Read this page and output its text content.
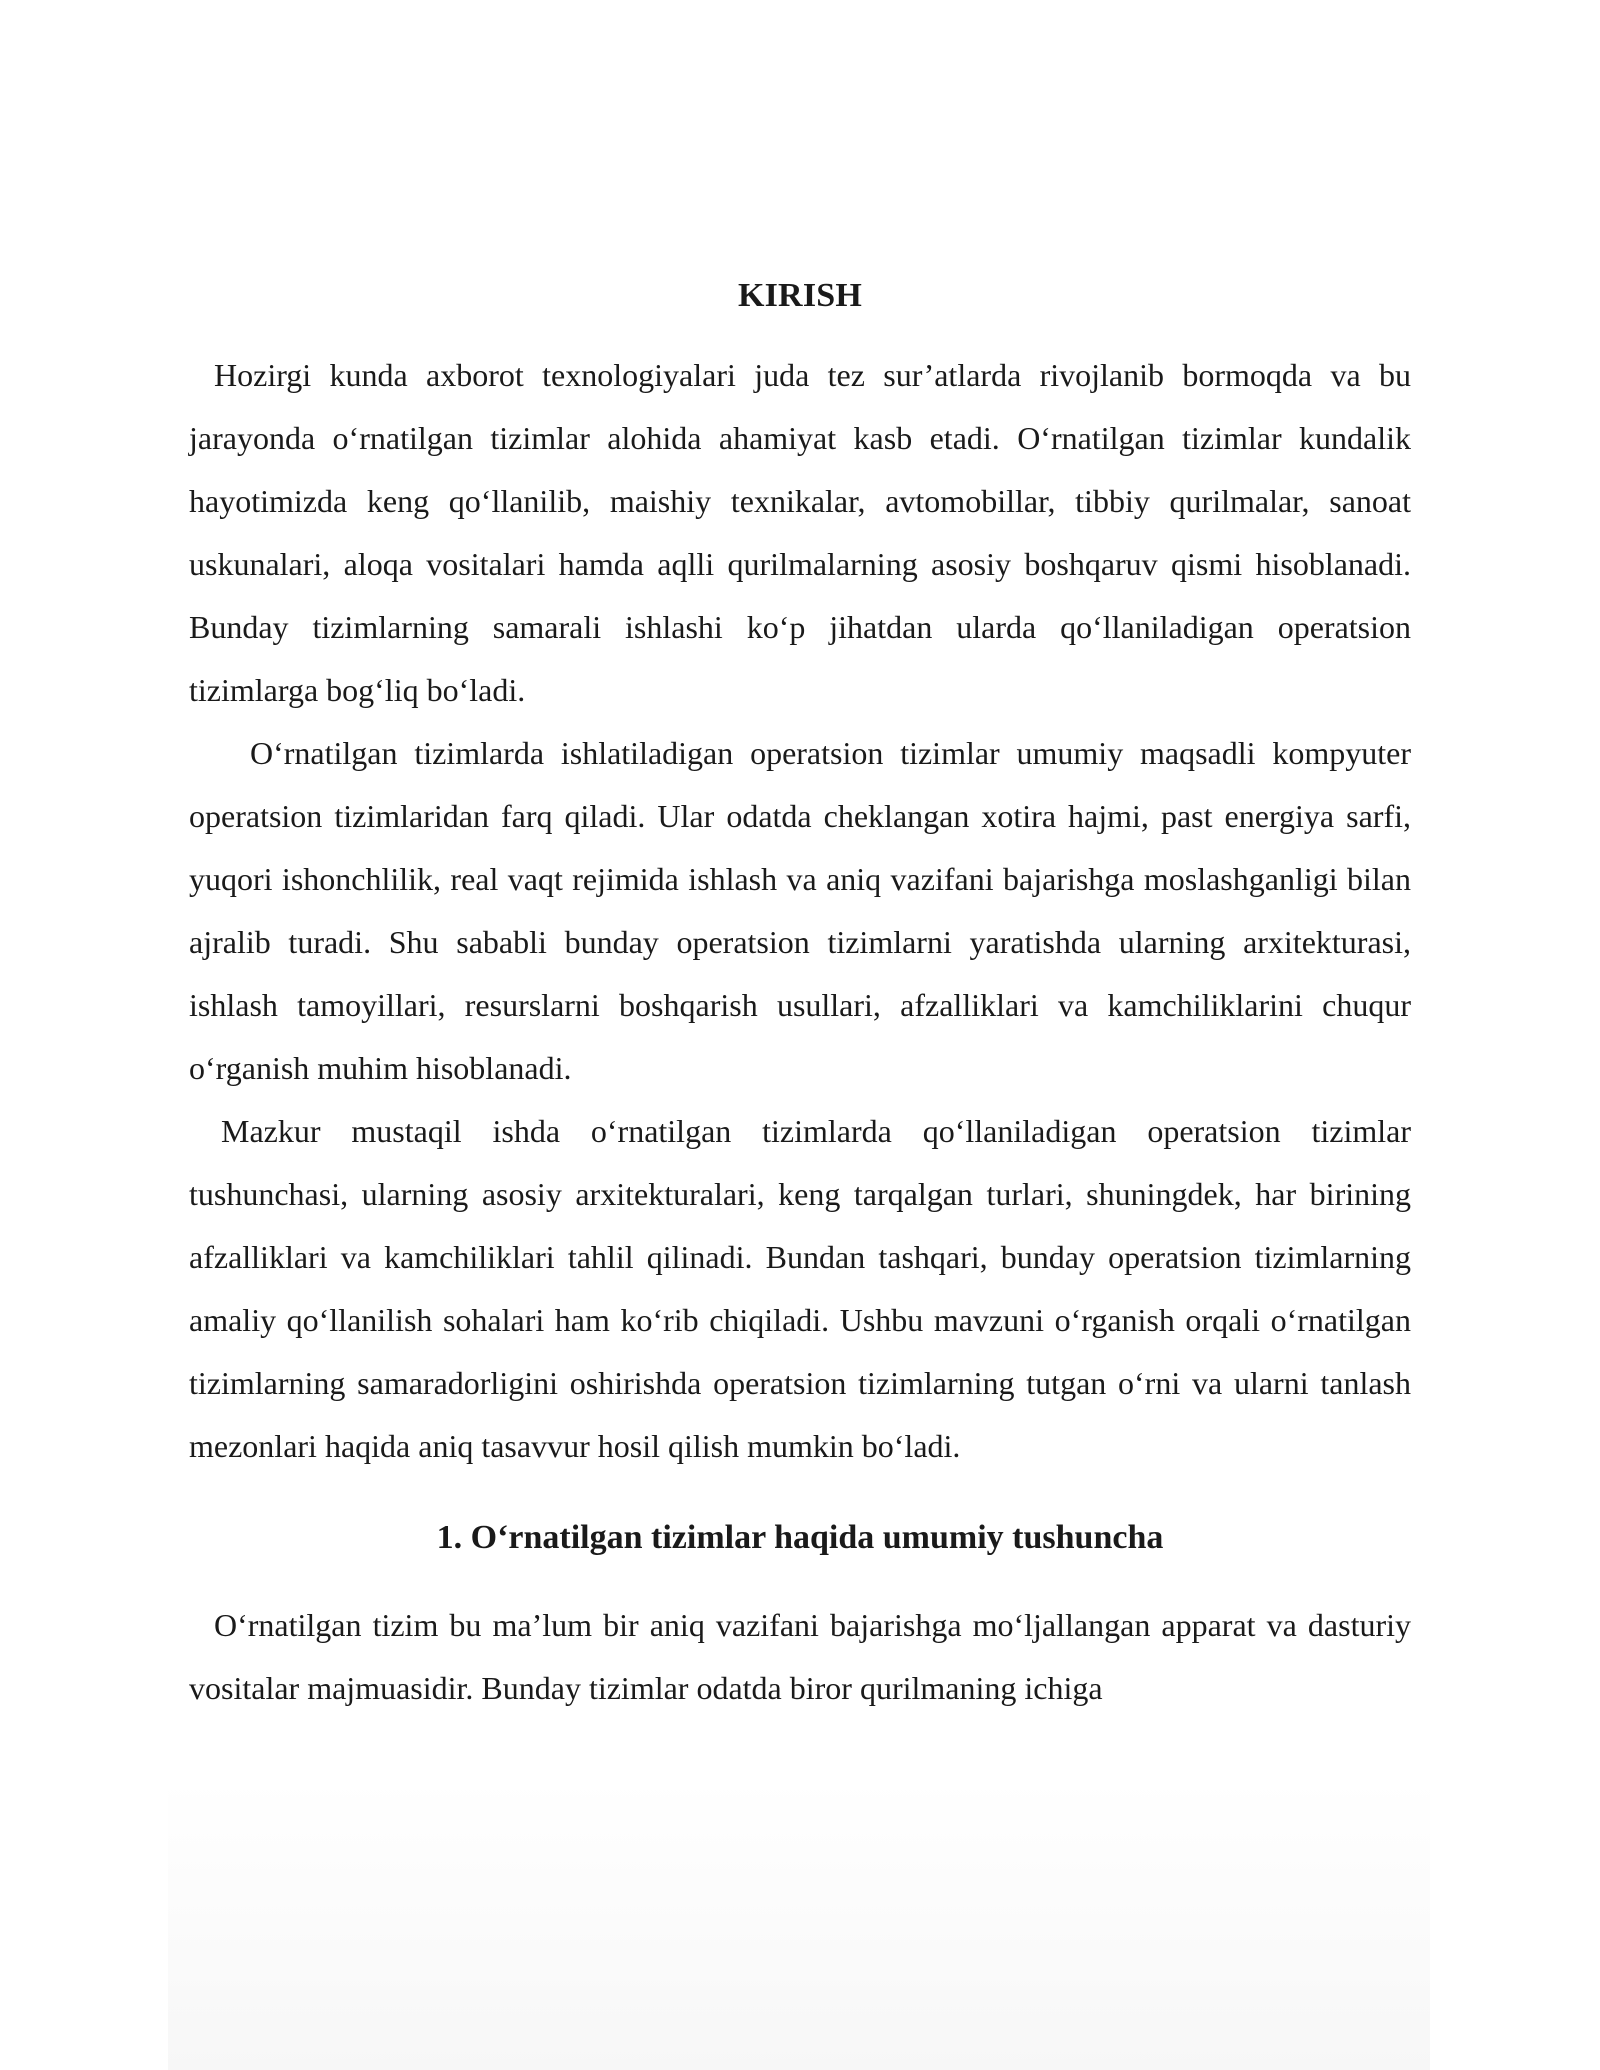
KIRISH

Hozirgi kunda axborot texnologiyalari juda tez sur’atlarda rivojlanib bormoqda va bu jarayonda o‘rnatilgan tizimlar alohida ahamiyat kasb etadi. O‘rnatilgan tizimlar kundalik hayotimizda keng qo‘llanilib, maishiy texnikalar, avtomobillar, tibbiy qurilmalar, sanoat uskunalari, aloqa vositalari hamda aqlli qurilmalarning asosiy boshqaruv qismi hisoblanadi. Bunday tizimlarning samarali ishlashi ko‘p jihatdan ularda qo‘llaniladigan operatsion tizimlarga bog‘liq bo‘ladi.

O‘rnatilgan tizimlarda ishlatiladigan operatsion tizimlar umumiy maqsadli kompyuter operatsion tizimlaridan farq qiladi. Ular odatda cheklangan xotira hajmi, past energiya sarfi, yuqori ishonchlilik, real vaqt rejimida ishlash va aniq vazifani bajarishga moslashganligi bilan ajralib turadi. Shu sababli bunday operatsion tizimlarni yaratishda ularning arxitekturasi, ishlash tamoyillari, resurslarni boshqarish usullari, afzalliklari va kamchiliklarini chuqur o‘rganish muhim hisoblanadi.

Mazkur mustaqil ishda o‘rnatilgan tizimlarda qo‘llaniladigan operatsion tizimlar tushunchasi, ularning asosiy arxitekturalari, keng tarqalgan turlari, shuningdek, har birining afzalliklari va kamchiliklari tahlil qilinadi. Bundan tashqari, bunday operatsion tizimlarning amaliy qo‘llanilish sohalari ham ko‘rib chiqiladi. Ushbu mavzuni o‘rganish orqali o‘rnatilgan tizimlarning samaradorligini oshirishda operatsion tizimlarning tutgan o‘rni va ularni tanlash mezonlari haqida aniq tasavvur hosil qilish mumkin bo‘ladi.

1. O‘rnatilgan tizimlar haqida umumiy tushuncha

O‘rnatilgan tizim bu ma’lum bir aniq vazifani bajarishga mo‘ljallangan apparat va dasturiy vositalar majmuasidir. Bunday tizimlar odatda biror qurilmaning ichiga
